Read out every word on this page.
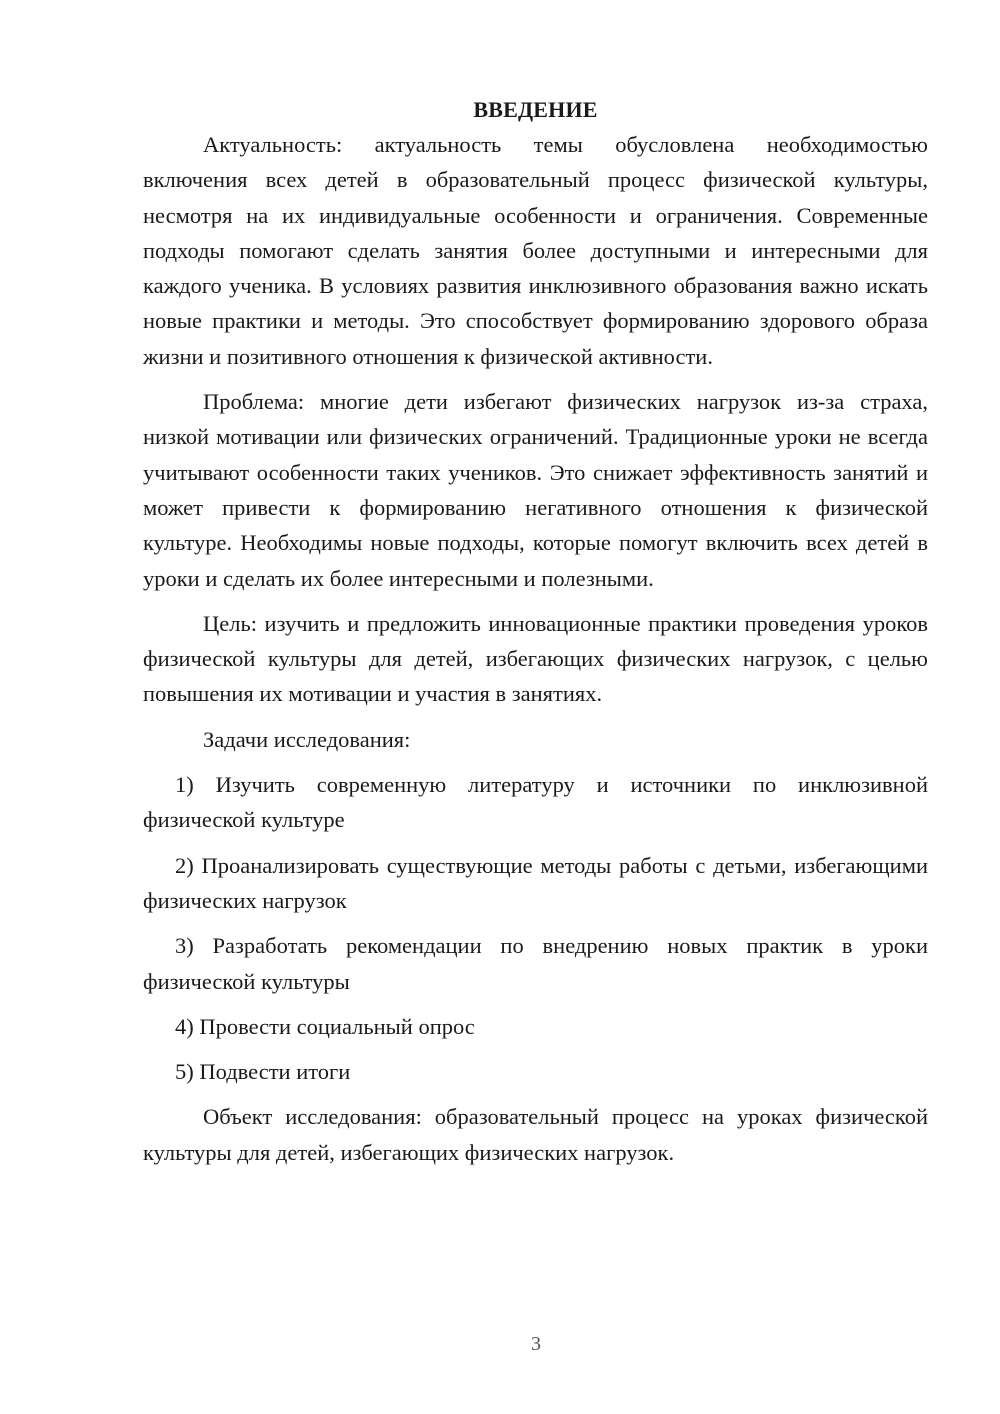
ВВЕДЕНИЕ

Актуальность: актуальность темы обусловлена необходимостью включения всех детей в образовательный процесс физической культуры, несмотря на их индивидуальные особенности и ограничения. Современные подходы помогают сделать занятия более доступными и интересными для каждого ученика. В условиях развития инклюзивного образования важно искать новые практики и методы. Это способствует формированию здорового образа жизни и позитивного отношения к физической активности.

Проблема: многие дети избегают физических нагрузок из-за страха, низкой мотивации или физических ограничений. Традиционные уроки не всегда учитывают особенности таких учеников. Это снижает эффективность занятий и может привести к формированию негативного отношения к физической культуре. Необходимы новые подходы, которые помогут включить всех детей в уроки и сделать их более интересными и полезными.

Цель: изучить и предложить инновационные практики проведения уроков физической культуры для детей, избегающих физических нагрузок, с целью повышения их мотивации и участия в занятиях.

Задачи исследования:

1) Изучить современную литературу и источники по инклюзивной физической культуре

2) Проанализировать существующие методы работы с детьми, избегающими физических нагрузок

3) Разработать рекомендации по внедрению новых практик в уроки физической культуры

4) Провести социальный опрос

5) Подвести итоги

Объект исследования: образовательный процесс на уроках физической культуры для детей, избегающих физических нагрузок.

3
